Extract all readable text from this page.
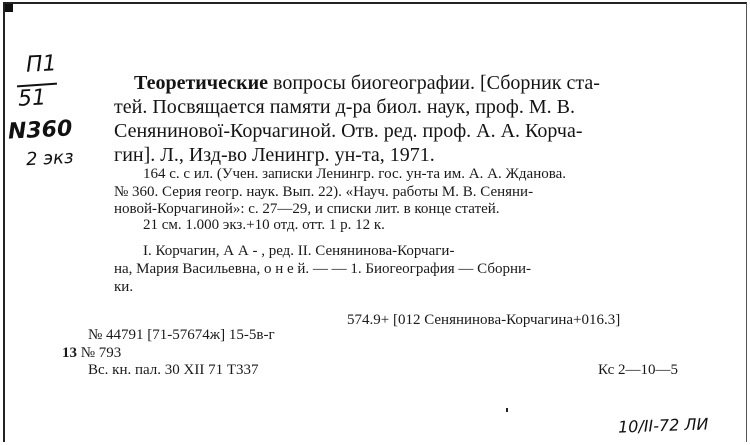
П1
51
N360
2 экз
10/II-72 ЛИ
Теоретические вопросы биогеографии. [Сборник ста-
тей. Посвящается памяти д-ра биол. наук, проф. М. В.
Сенянинової-Корчагиной. Отв. ред. проф. А. А. Корча-
гин]. Л., Изд-во Ленингр. ун-та, 1971.
164 с. с ил. (Учен. записки Ленингр. гос. ун-та им. А. А. Жданова.
№ 360. Серия геогр. наук. Вып. 22). «Науч. работы М. В. Сеняни-
новой-Корчагиной»: с. 27—29, и списки лит. в конце статей.
21 см. 1.000 экз.+10 отд. отт. 1 р. 12 к.
I. Корчагин, А А - , ред. II. Сенянинова-Корчаги-
на, Мария Васильевна, о н е й. — — 1. Биогеография — Сборни-
ки.
574.9+ [012 Сенянинова-Корчагина+016.3]
№ 44791 [71-57674ж] 15-5в-г
13 № 793
Вс. кн. пал. 30 XII 71 Т337	Кс 2—10—5
